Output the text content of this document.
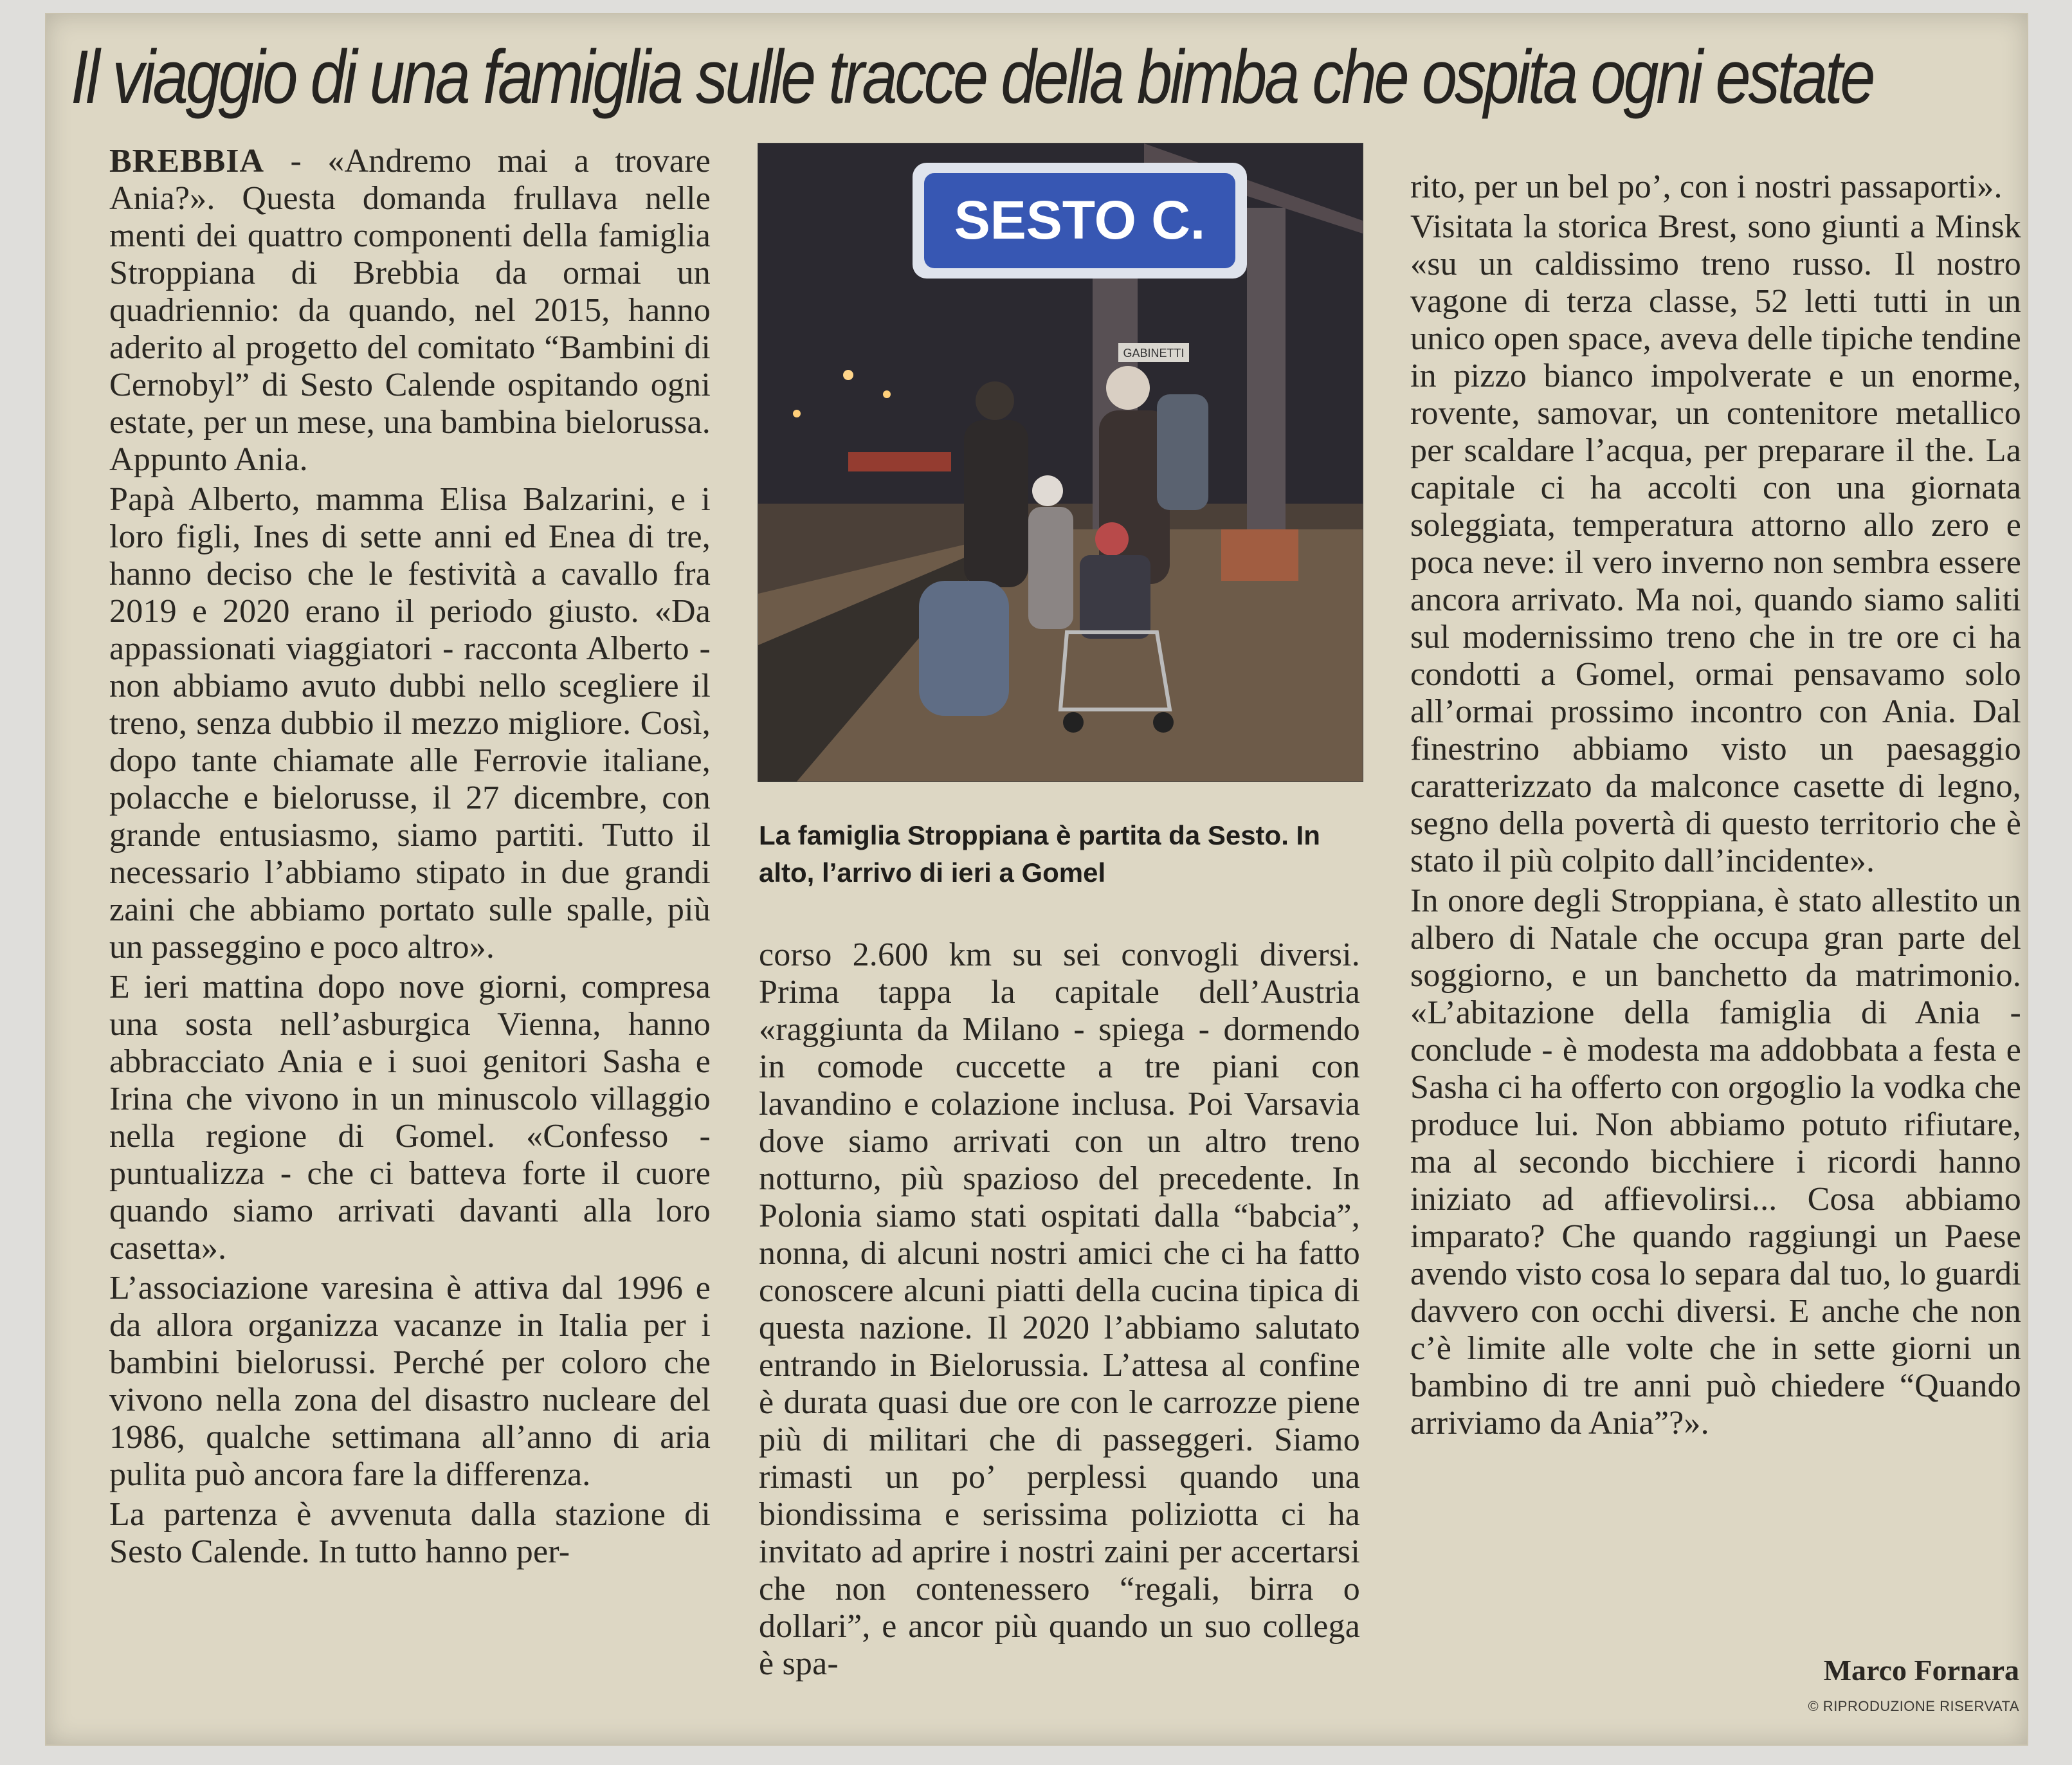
Il viaggio di una famiglia sulle tracce della bimba che ospita ogni estate

BREBBIA - «Andremo mai a trovare Ania?». Questa domanda frullava nelle menti dei quattro componenti della famiglia Stroppiana di Brebbia da ormai un quadriennio: da quando, nel 2015, hanno aderito al progetto del comitato “Bambini di Cernobyl” di Sesto Calende ospitando ogni estate, per un mese, una bambina bielorussa. Appunto Ania.

Papà Alberto, mamma Elisa Balzarini, e i loro figli, Ines di sette anni ed Enea di tre, hanno deciso che le festività a cavallo fra 2019 e 2020 erano il periodo giusto. «Da appassionati viaggiatori - racconta Alberto - non abbiamo avuto dubbi nello scegliere il treno, senza dubbio il mezzo migliore. Così, dopo tante chiamate alle Ferrovie italiane, polacche e bielorusse, il 27 dicembre, con grande entusiasmo, siamo partiti. Tutto il necessario l’abbiamo stipato in due grandi zaini che abbiamo portato sulle spalle, più un passeggino e poco altro».

E ieri mattina dopo nove giorni, compresa una sosta nell’asburgica Vienna, hanno abbracciato Ania e i suoi genitori Sasha e Irina che vivono in un minuscolo villaggio nella regione di Gomel. «Confesso - puntualizza - che ci batteva forte il cuore quando siamo arrivati davanti alla loro casetta».

L’associazione varesina è attiva dal 1996 e da allora organizza vacanze in Italia per i bambini bielorussi. Perché per coloro che vivono nella zona del disastro nucleare del 1986, qualche settimana all’anno di aria pulita può ancora fare la differenza.

La partenza è avvenuta dalla stazione di Sesto Calende. In tutto hanno per-

SESTO C.
GABINETTI
La famiglia Stroppiana è partita da Sesto. In alto, l’arrivo di ieri a Gomel

corso 2.600 km su sei convogli diversi. Prima tappa la capitale dell’Austria «raggiunta da Milano - spiega - dormendo in comode cuccette a tre piani con lavandino e colazione inclusa. Poi Varsavia dove siamo arrivati con un altro treno notturno, più spazioso del precedente. In Polonia siamo stati ospitati dalla “babcia”, nonna, di alcuni nostri amici che ci ha fatto conoscere alcuni piatti della cucina tipica di questa nazione. Il 2020 l’abbiamo salutato entrando in Bielorussia. L’attesa al confine è durata quasi due ore con le carrozze piene più di militari che di passeggeri. Siamo rimasti un po’ perplessi quando una biondissima e serissima poliziotta ci ha invitato ad aprire i nostri zaini per accertarsi che non contenessero “regali, birra o dollari”, e ancor più quando un suo collega è spa-

rito, per un bel po’, con i nostri passaporti».

Visitata la storica Brest, sono giunti a Minsk «su un caldissimo treno russo. Il nostro vagone di terza classe, 52 letti tutti in un unico open space, aveva delle tipiche tendine in pizzo bianco impolverate e un enorme, rovente, samovar, un contenitore metallico per scaldare l’acqua, per preparare il the. La capitale ci ha accolti con una giornata soleggiata, temperatura attorno allo zero e poca neve: il vero inverno non sembra essere ancora arrivato. Ma noi, quando siamo saliti sul modernissimo treno che in tre ore ci ha condotti a Gomel, ormai pensavamo solo all’ormai prossimo incontro con Ania. Dal finestrino abbiamo visto un paesaggio caratterizzato da malconce casette di legno, segno della povertà di questo territorio che è stato il più colpito dall’incidente».

In onore degli Stroppiana, è stato allestito un albero di Natale che occupa gran parte del soggiorno, e un banchetto da matrimonio. «L’abitazione della famiglia di Ania - conclude - è modesta ma addobbata a festa e Sasha ci ha offerto con orgoglio la vodka che produce lui. Non abbiamo potuto rifiutare, ma al secondo bicchiere i ricordi hanno iniziato ad affievolirsi... Cosa abbiamo imparato? Che quando raggiungi un Paese avendo visto cosa lo separa dal tuo, lo guardi davvero con occhi diversi. E anche che non c’è limite alle volte che in sette giorni un bambino di tre anni può chiedere “Quando arriviamo da Ania”?».

Marco Fornara
© RIPRODUZIONE RISERVATA
